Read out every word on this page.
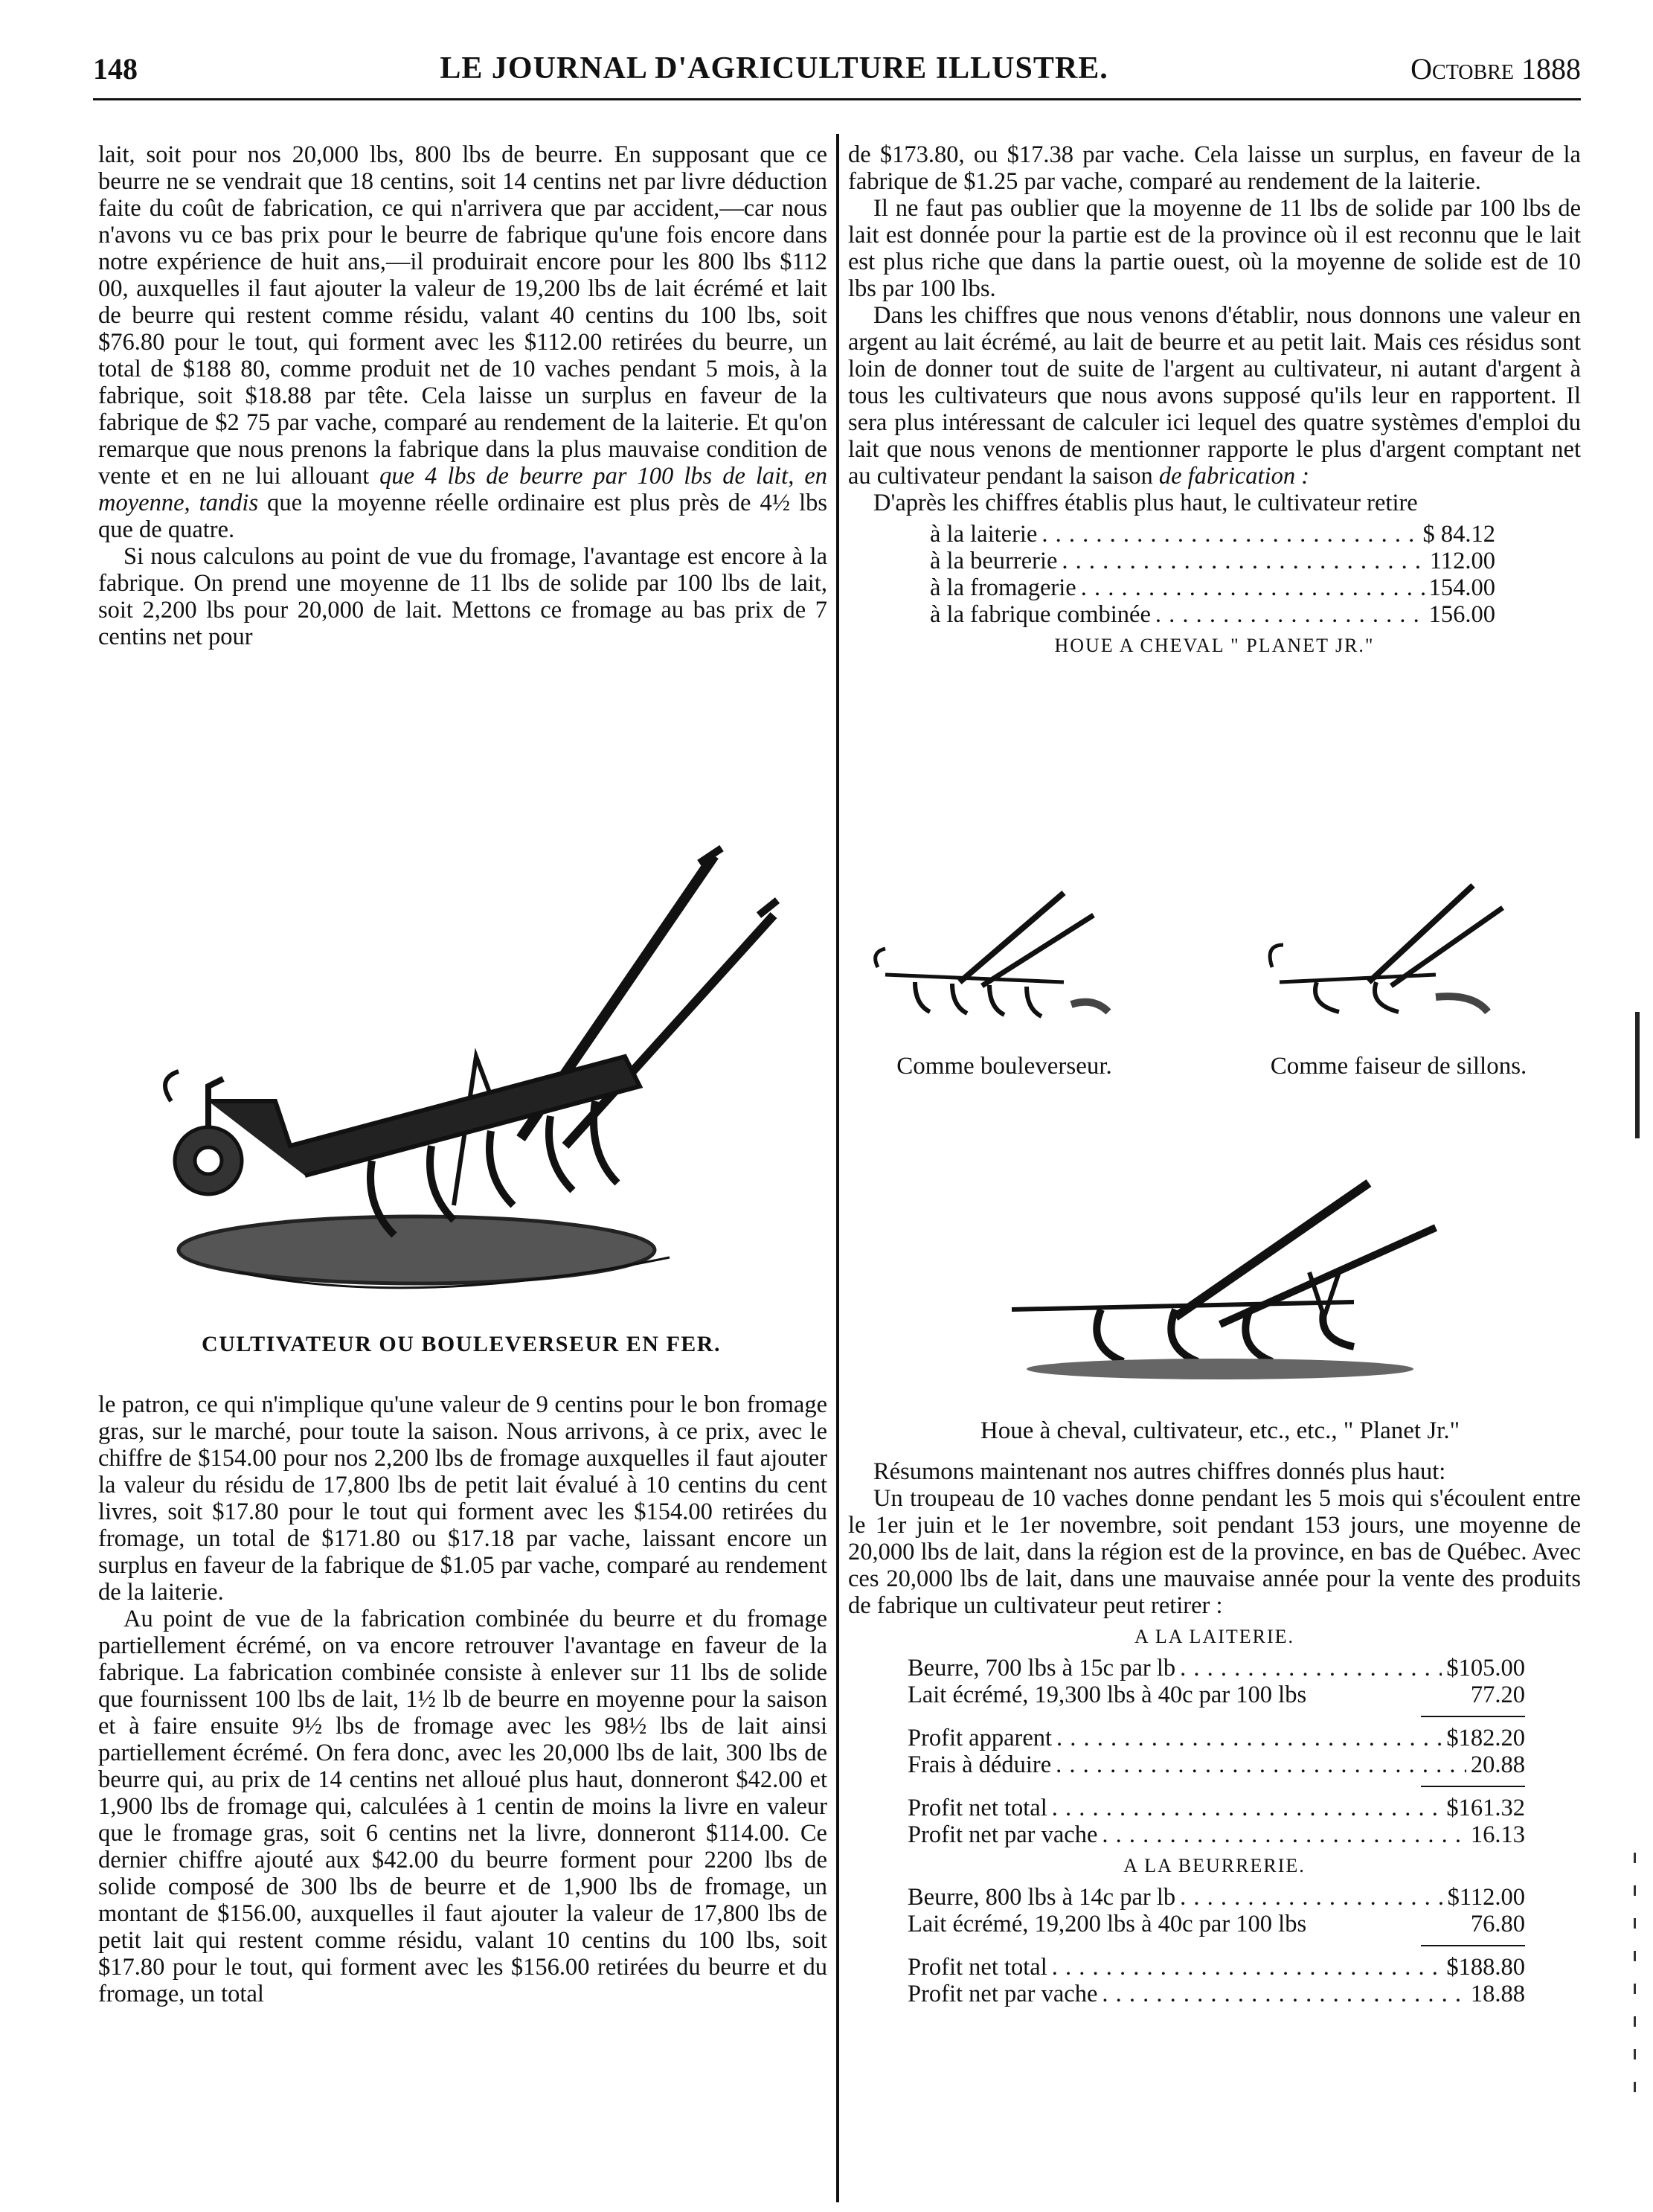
148	LE JOURNAL D'AGRICULTURE ILLUSTRE.	Octobre 1888

lait, soit pour nos 20,000 lbs, 800 lbs de beurre. En supposant que ce beurre ne se vendrait que 18 centins, soit 14 centins net par livre déduction faite du coût de fabrication, ce qui n'arrivera que par accident,—car nous n'avons vu ce bas prix pour le beurre de fabrique qu'une fois encore dans notre expérience de huit ans,—il produirait encore pour les 800 lbs $112 00, auxquelles il faut ajouter la valeur de 19,200 lbs de lait écrémé et lait de beurre qui restent comme résidu, valant 40 centins du 100 lbs, soit $76.80 pour le tout, qui forment avec les $112.00 retirées du beurre, un total de $188 80, comme produit net de 10 vaches pendant 5 mois, à la fabrique, soit $18.88 par tête. Cela laisse un surplus en faveur de la fabrique de $2 75 par vache, comparé au rendement de la laiterie. Et qu'on remarque que nous prenons la fabrique dans la plus mauvaise condition de vente et en ne lui allouant que 4 lbs de beurre par 100 lbs de lait, en moyenne, tandis que la moyenne réelle ordinaire est plus près de 4½ lbs que de quatre.

Si nous calculons au point de vue du fromage, l'avantage est encore à la fabrique. On prend une moyenne de 11 lbs de solide par 100 lbs de lait, soit 2,200 lbs pour 20,000 de lait. Mettons ce fromage au bas prix de 7 centins net pour

CULTIVATEUR OU BOULEVERSEUR EN FER.

le patron, ce qui n'implique qu'une valeur de 9 centins pour le bon fromage gras, sur le marché, pour toute la saison. Nous arrivons, à ce prix, avec le chiffre de $154.00 pour nos 2,200 lbs de fromage auxquelles il faut ajouter la valeur du résidu de 17,800 lbs de petit lait évalué à 10 centins du cent livres, soit $17.80 pour le tout qui forment avec les $154.00 retirées du fromage, un total de $171.80 ou $17.18 par vache, laissant encore un surplus en faveur de la fabrique de $1.05 par vache, comparé au rendement de la laiterie.

Au point de vue de la fabrication combinée du beurre et du fromage partiellement écrémé, on va encore retrouver l'avantage en faveur de la fabrique. La fabrication combinée consiste à enlever sur 11 lbs de solide que fournissent 100 lbs de lait, 1½ lb de beurre en moyenne pour la saison et à faire ensuite 9½ lbs de fromage avec les 98½ lbs de lait ainsi partiellement écrémé. On fera donc, avec les 20,000 lbs de lait, 300 lbs de beurre qui, au prix de 14 centins net alloué plus haut, donneront $42.00 et 1,900 lbs de fromage qui, calculées à 1 centin de moins la livre en valeur que le fromage gras, soit 6 centins net la livre, donneront $114.00. Ce dernier chiffre ajouté aux $42.00 du beurre forment pour 2200 lbs de solide composé de 300 lbs de beurre et de 1,900 lbs de fromage, un montant de $156.00, auxquelles il faut ajouter la valeur de 17,800 lbs de petit lait qui restent comme résidu, valant 10 centins du 100 lbs, soit $17.80 pour le tout, qui forment avec les $156.00 retirées du beurre et du fromage, un total

de $173.80, ou $17.38 par vache. Cela laisse un surplus, en faveur de la fabrique de $1.25 par vache, comparé au rendement de la laiterie.

Il ne faut pas oublier que la moyenne de 11 lbs de solide par 100 lbs de lait est donnée pour la partie est de la province où il est reconnu que le lait est plus riche que dans la partie ouest, où la moyenne de solide est de 10 lbs par 100 lbs.

Dans les chiffres que nous venons d'établir, nous donnons une valeur en argent au lait écrémé, au lait de beurre et au petit lait. Mais ces résidus sont loin de donner tout de suite de l'argent au cultivateur, ni autant d'argent à tous les cultivateurs que nous avons supposé qu'ils leur en rapportent. Il sera plus intéressant de calculer ici lequel des quatre systèmes d'emploi du lait que nous venons de mentionner rapporte le plus d'argent comptant net au cultivateur pendant la saison de fabrication :

D'après les chiffres établis plus haut, le cultivateur retire

à la laiterie . . .	$ 84.12
à la beurrerie . . .	112.00
à la fromagerie . . .	154.00
à la fabrique combinée . . .	156.00
HOUE A CHEVAL " PLANET JR."
Comme bouleverseur.	Comme faiseur de sillons.
Houe à cheval, cultivateur, etc., etc., " Planet Jr."

Résumons maintenant nos autres chiffres donnés plus haut:

Un troupeau de 10 vaches donne pendant les 5 mois qui s'écoulent entre le 1er juin et le 1er novembre, soit pendant 153 jours, une moyenne de 20,000 lbs de lait, dans la région est de la province, en bas de Québec. Avec ces 20,000 lbs de lait, dans une mauvaise année pour la vente des produits de fabrique un cultivateur peut retirer :

A LA LAITERIE.
Beurre, 700 lbs à 15c par lb . . .	$105.00
Lait écrémé, 19,300 lbs à 40c par 100 lbs	77.20
Profit apparent . . .	$182.20
Frais à déduire . . .	20.88
Profit net total . . .	$161.32
Profit net par vache . . .	16.13
A LA BEURRERIE.
Beurre, 800 lbs à 14c par lb . . .	$112.00
Lait écrémé, 19,200 lbs à 40c par 100 lbs	76.80
Profit net total . . .	$188.80
Profit net par vache . . .	18.88
